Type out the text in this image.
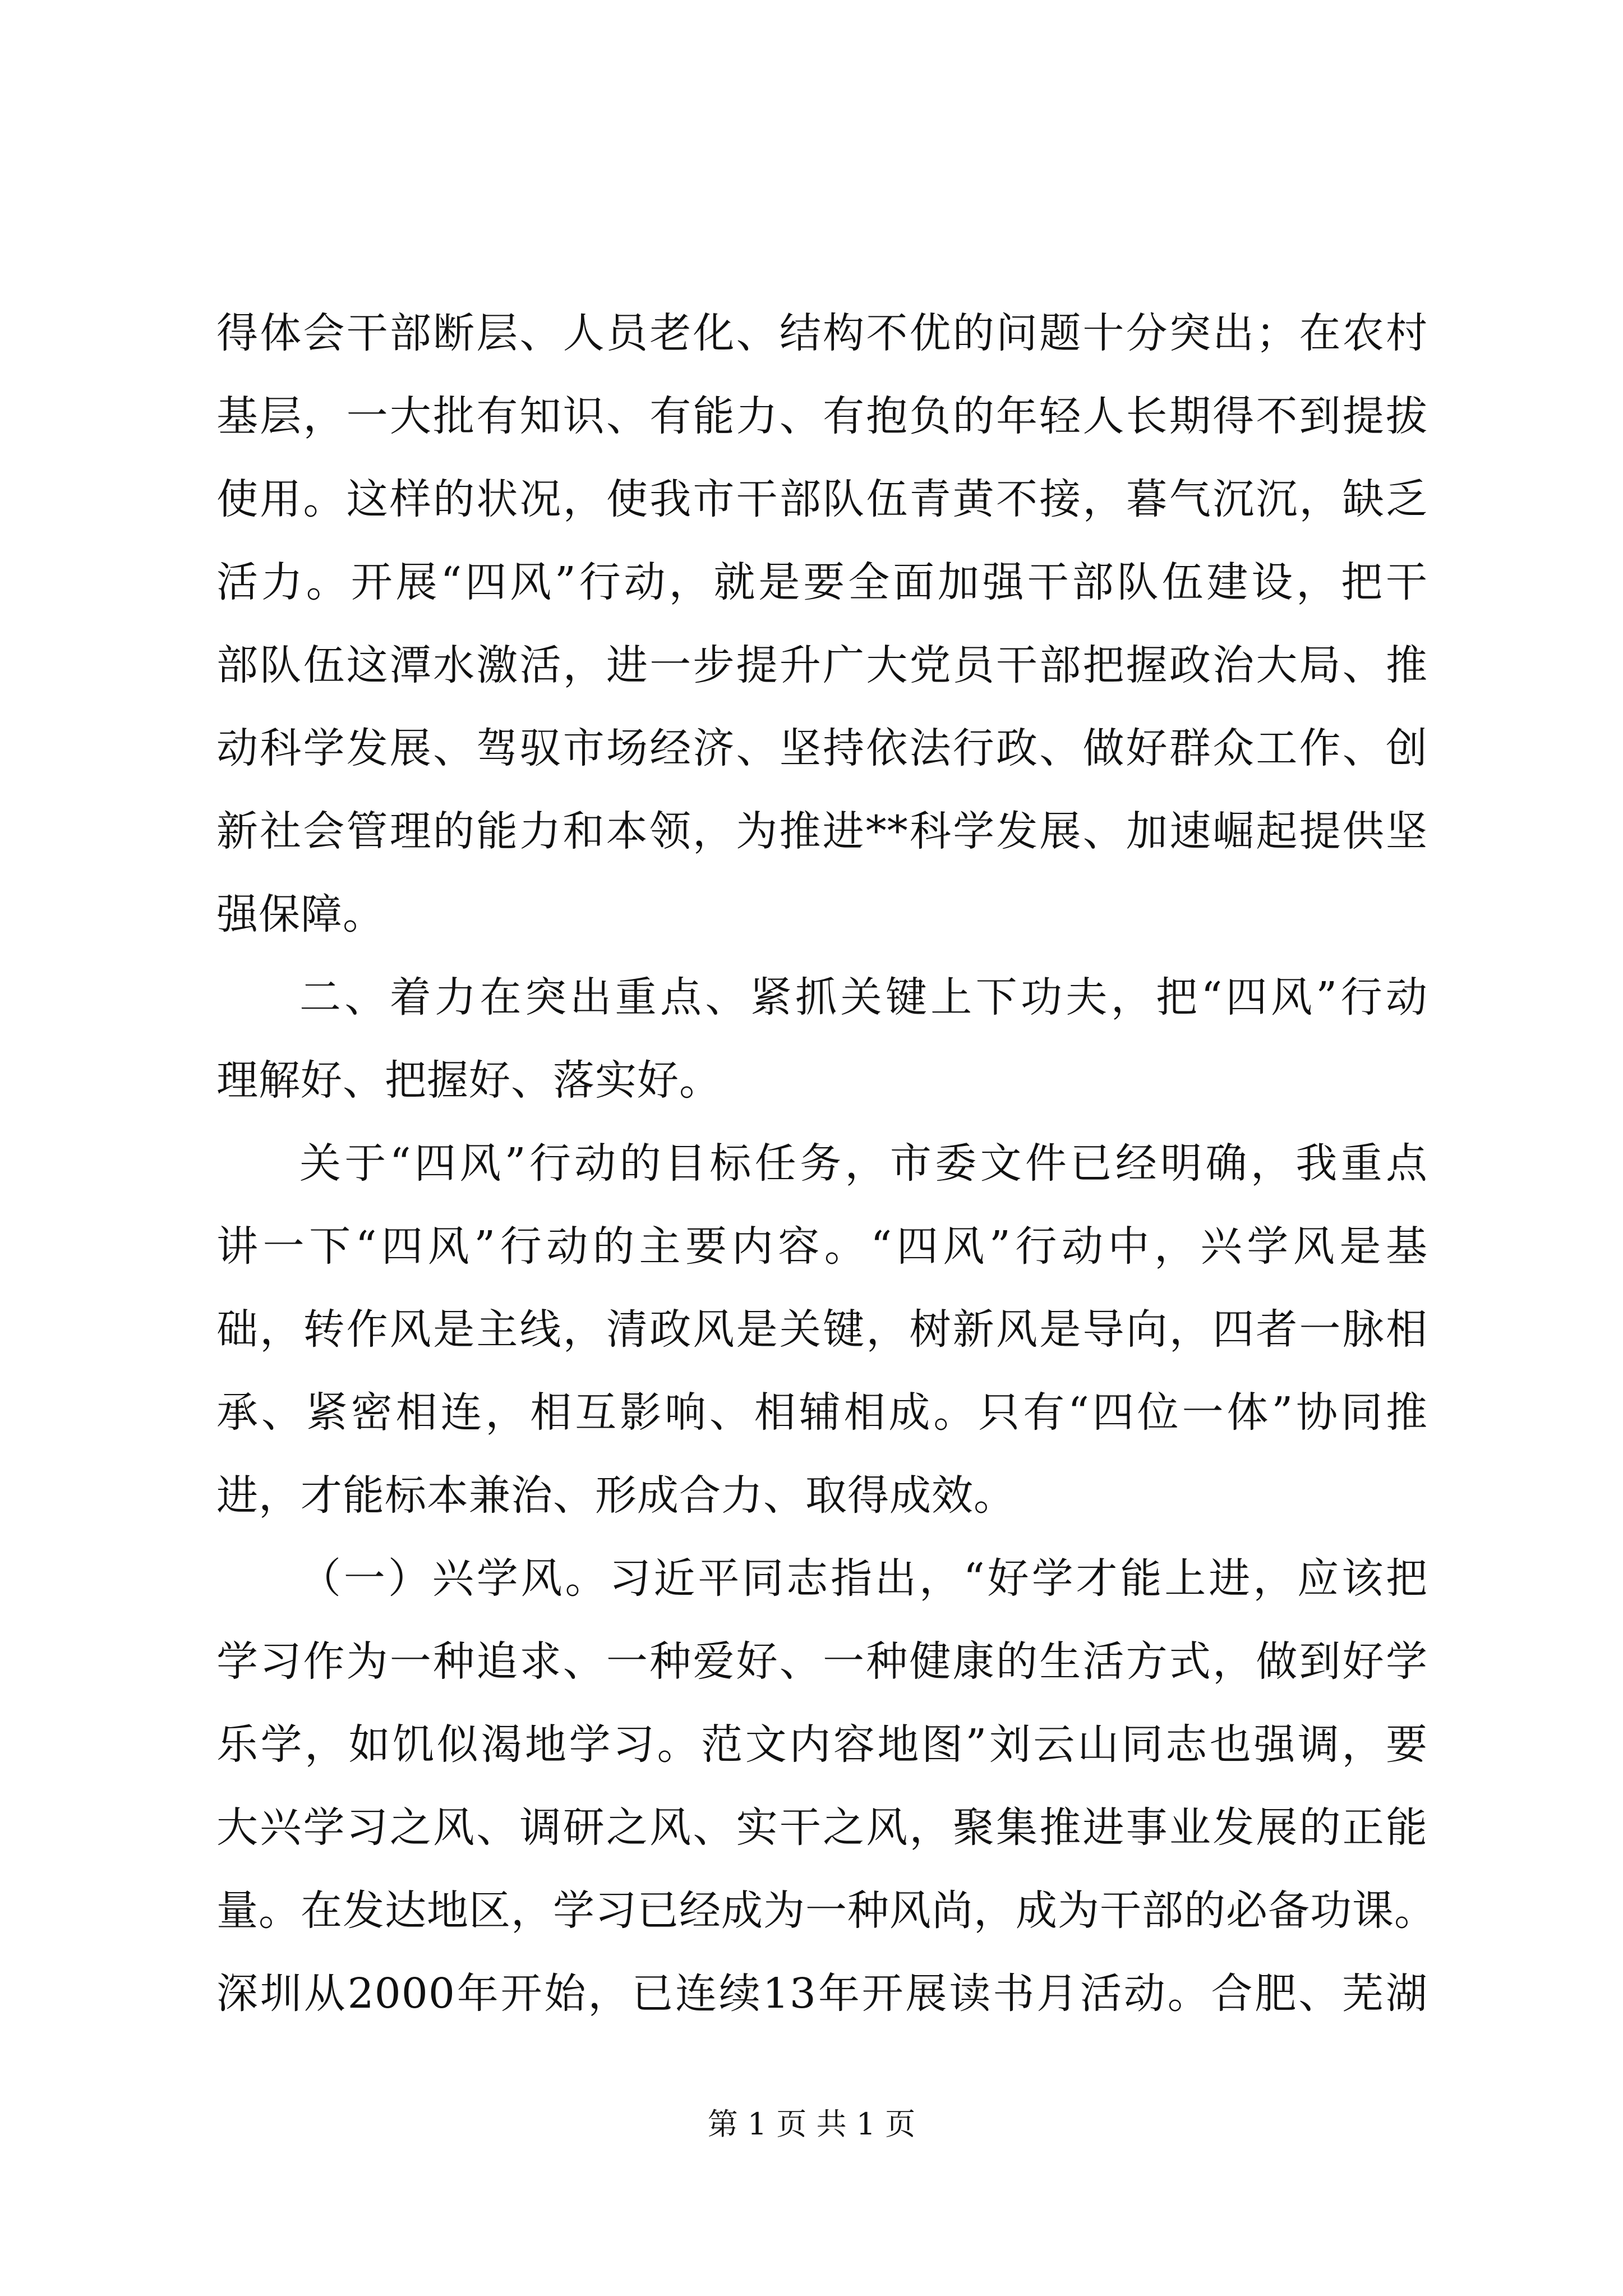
得体会干部断层、人员老化、结构不优的问题十分突出；在农村
基层，一大批有知识、有能力、有抱负的年轻人长期得不到提拔
使用。这样的状况，使我市干部队伍青黄不接，暮气沉沉，缺乏
活力。开展“四风”行动，就是要全面加强干部队伍建设，把干
部队伍这潭水激活，进一步提升广大党员干部把握政治大局、推
动科学发展、驾驭市场经济、坚持依法行政、做好群众工作、创
新社会管理的能力和本领，为推进**科学发展、加速崛起提供坚
强保障。
二、着力在突出重点、紧抓关键上下功夫，把“四风”行动
理解好、把握好、落实好。
关于“四风”行动的目标任务，市委文件已经明确，我重点
讲一下“四风”行动的主要内容。“四风”行动中，兴学风是基
础，转作风是主线，清政风是关键，树新风是导向，四者一脉相
承、紧密相连，相互影响、相辅相成。只有“四位一体”协同推
进，才能标本兼治、形成合力、取得成效。
（一）兴学风。习近平同志指出，“好学才能上进，应该把
学习作为一种追求、一种爱好、一种健康的生活方式，做到好学
乐学，如饥似渴地学习。范文内容地图”刘云山同志也强调，要
大兴学习之风、调研之风、实干之风，聚集推进事业发展的正能
量。在发达地区，学习已经成为一种风尚，成为干部的必备功课。
深圳从2000年开始，已连续13年开展读书月活动。合肥、芜湖
第 1 页 共 1 页
